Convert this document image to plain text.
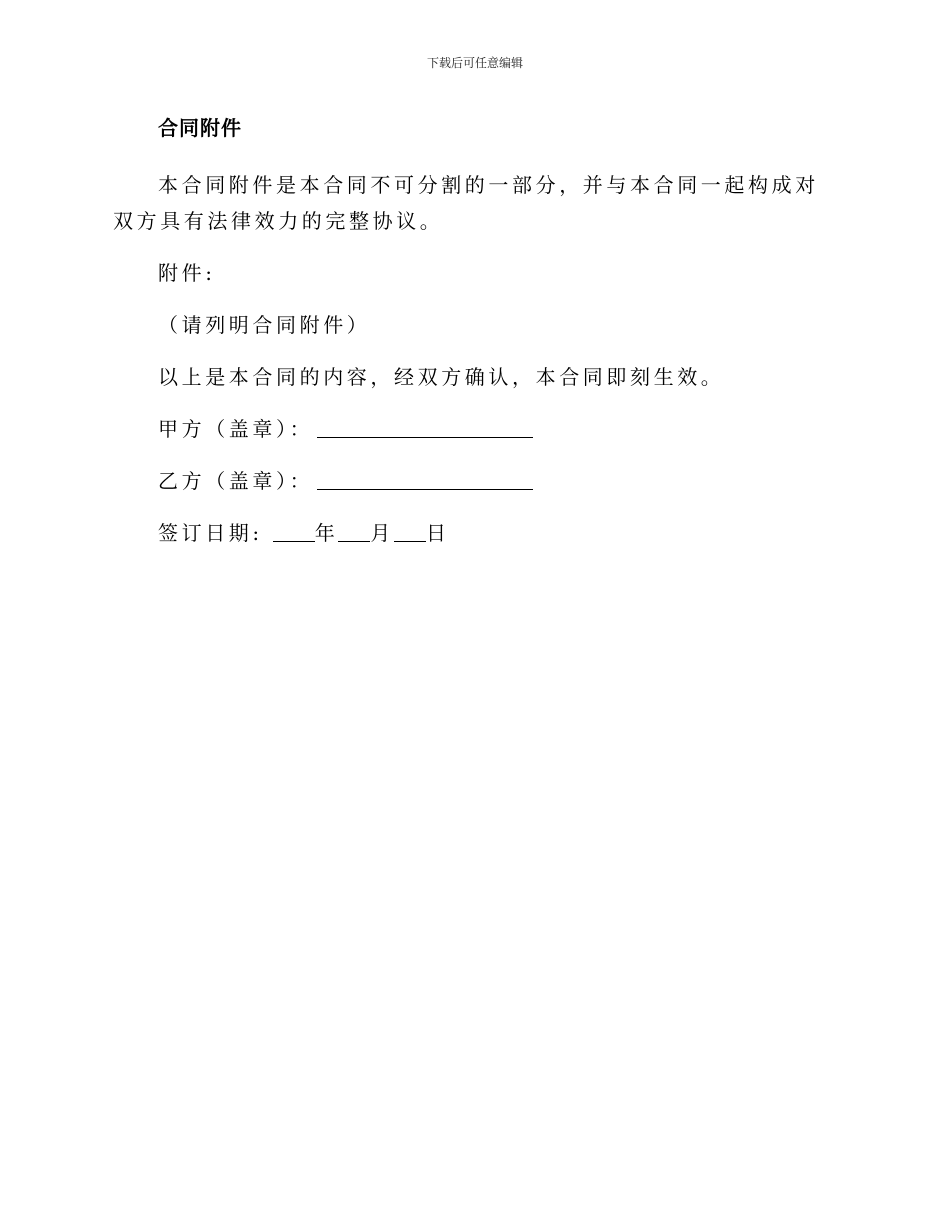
下载后可任意编辑
合同附件

本合同附件是本合同不可分割的一部分，并与本合同一起构成对双方具有法律效力的完整协议。

附件:
（请列明合同附件）
以上是本合同的内容，经双方确认，本合同即刻生效。
甲方（盖章）：
乙方（盖章）：
签订日期:	年 月 日
